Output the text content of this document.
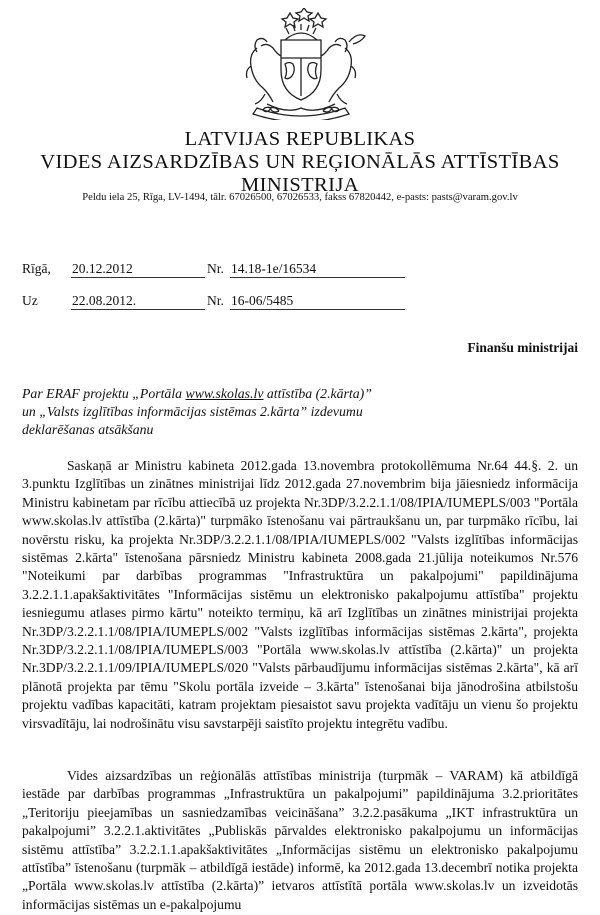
LATVIJAS REPUBLIKAS
VIDES AIZSARDZĪBAS UN REĢIONĀLĀS ATTĪSTĪBAS MINISTRIJA
Peldu iela 25, Rīga, LV-1494, tālr. 67026500, 67026533, fakss 67820442, e-pasts: pasts@varam.gov.lv
Rīgā, 20.12.2012	Nr. 14.18-1e/16534
Uz	22.08.2012.	Nr. 16-06/5485
Finanšu ministrijai
Par ERAF projektu „Portāla www.skolas.lv attīstība (2.kārta)”
un „Valsts izglītības informācijas sistēmas 2.kārta” izdevumu
deklarēšanas atsākšanu
Saskaņā ar Ministru kabineta 2012.gada 13.novembra protokollēmuma Nr.64 44.§. 2. un 3.punktu Izglītības un zinātnes ministrijai līdz 2012.gada 27.novembrim bija jāiesniedz informācija Ministru kabinetam par rīcību attiecībā uz projekta Nr.3DP/3.2.2.1.1/08/IPIA/IUMEPLS/003 "Portāla www.skolas.lv attīstība (2.kārta)" turpmāko īstenošanu vai pārtraukšanu un, par turpmāko rīcību, lai novērstu risku, ka projekta Nr.3DP/3.2.2.1.1/08/IPIA/IUMEPLS/002 "Valsts izglītības informācijas sistēmas 2.kārta" īstenošana pārsniedz Ministru kabineta 2008.gada 21.jūlija noteikumos Nr.576 "Noteikumi par darbības programmas "Infrastruktūra un pakalpojumi" papildinājuma 3.2.2.1.1.apakšaktivitātes "Informācijas sistēmu un elektronisko pakalpojumu attīstība" projektu iesniegumu atlases pirmo kārtu" noteikto termiņu, kā arī Izglītības un zinātnes ministrijai projekta Nr.3DP/3.2.2.1.1/08/IPIA/IUMEPLS/002 "Valsts izglītības informācijas sistēmas 2.kārta", projekta Nr.3DP/3.2.2.1.1/08/IPIA/IUMEPLS/003 "Portāla www.skolas.lv attīstība (2.kārta)" un projekta Nr.3DP/3.2.2.1.1/09/IPIA/IUMEPLS/020 "Valsts pārbaudījumu informācijas sistēmas 2.kārta", kā arī plānotā projekta par tēmu "Skolu portāla izveide – 3.kārta" īstenošanai bija jānodrošina atbilstošu projektu vadības kapacitāti, katram projektam piesaistot savu projekta vadītāju un vienu šo projektu virsvadītāju, lai nodrošinātu visu savstarpēji saistīto projektu integrētu vadību.
Vides aizsardzības un reģionālās attīstības ministrija (turpmāk – VARAM) kā atbildīgā iestāde par darbības programmas „Infrastruktūra un pakalpojumi” papildinājuma 3.2.prioritātes „Teritoriju pieejamības un sasniedzamības veicināšana” 3.2.2.pasākuma „IKT infrastruktūra un pakalpojumi” 3.2.2.1.aktivitātes „Publiskās pārvaldes elektronisko pakalpojumu un informācijas sistēmu attīstība” 3.2.2.1.1.apakšaktivitātes „Informācijas sistēmu un elektronisko pakalpojumu attīstība” īstenošanu (turpmāk – atbildīgā iestāde) informē, ka 2012.gada 13.decembrī notika projekta „Portāla www.skolas.lv attīstība (2.kārta)” ietvaros attīstītā portāla www.skolas.lv un izveidotās informācijas sistēmas un e-pakalpojumu
